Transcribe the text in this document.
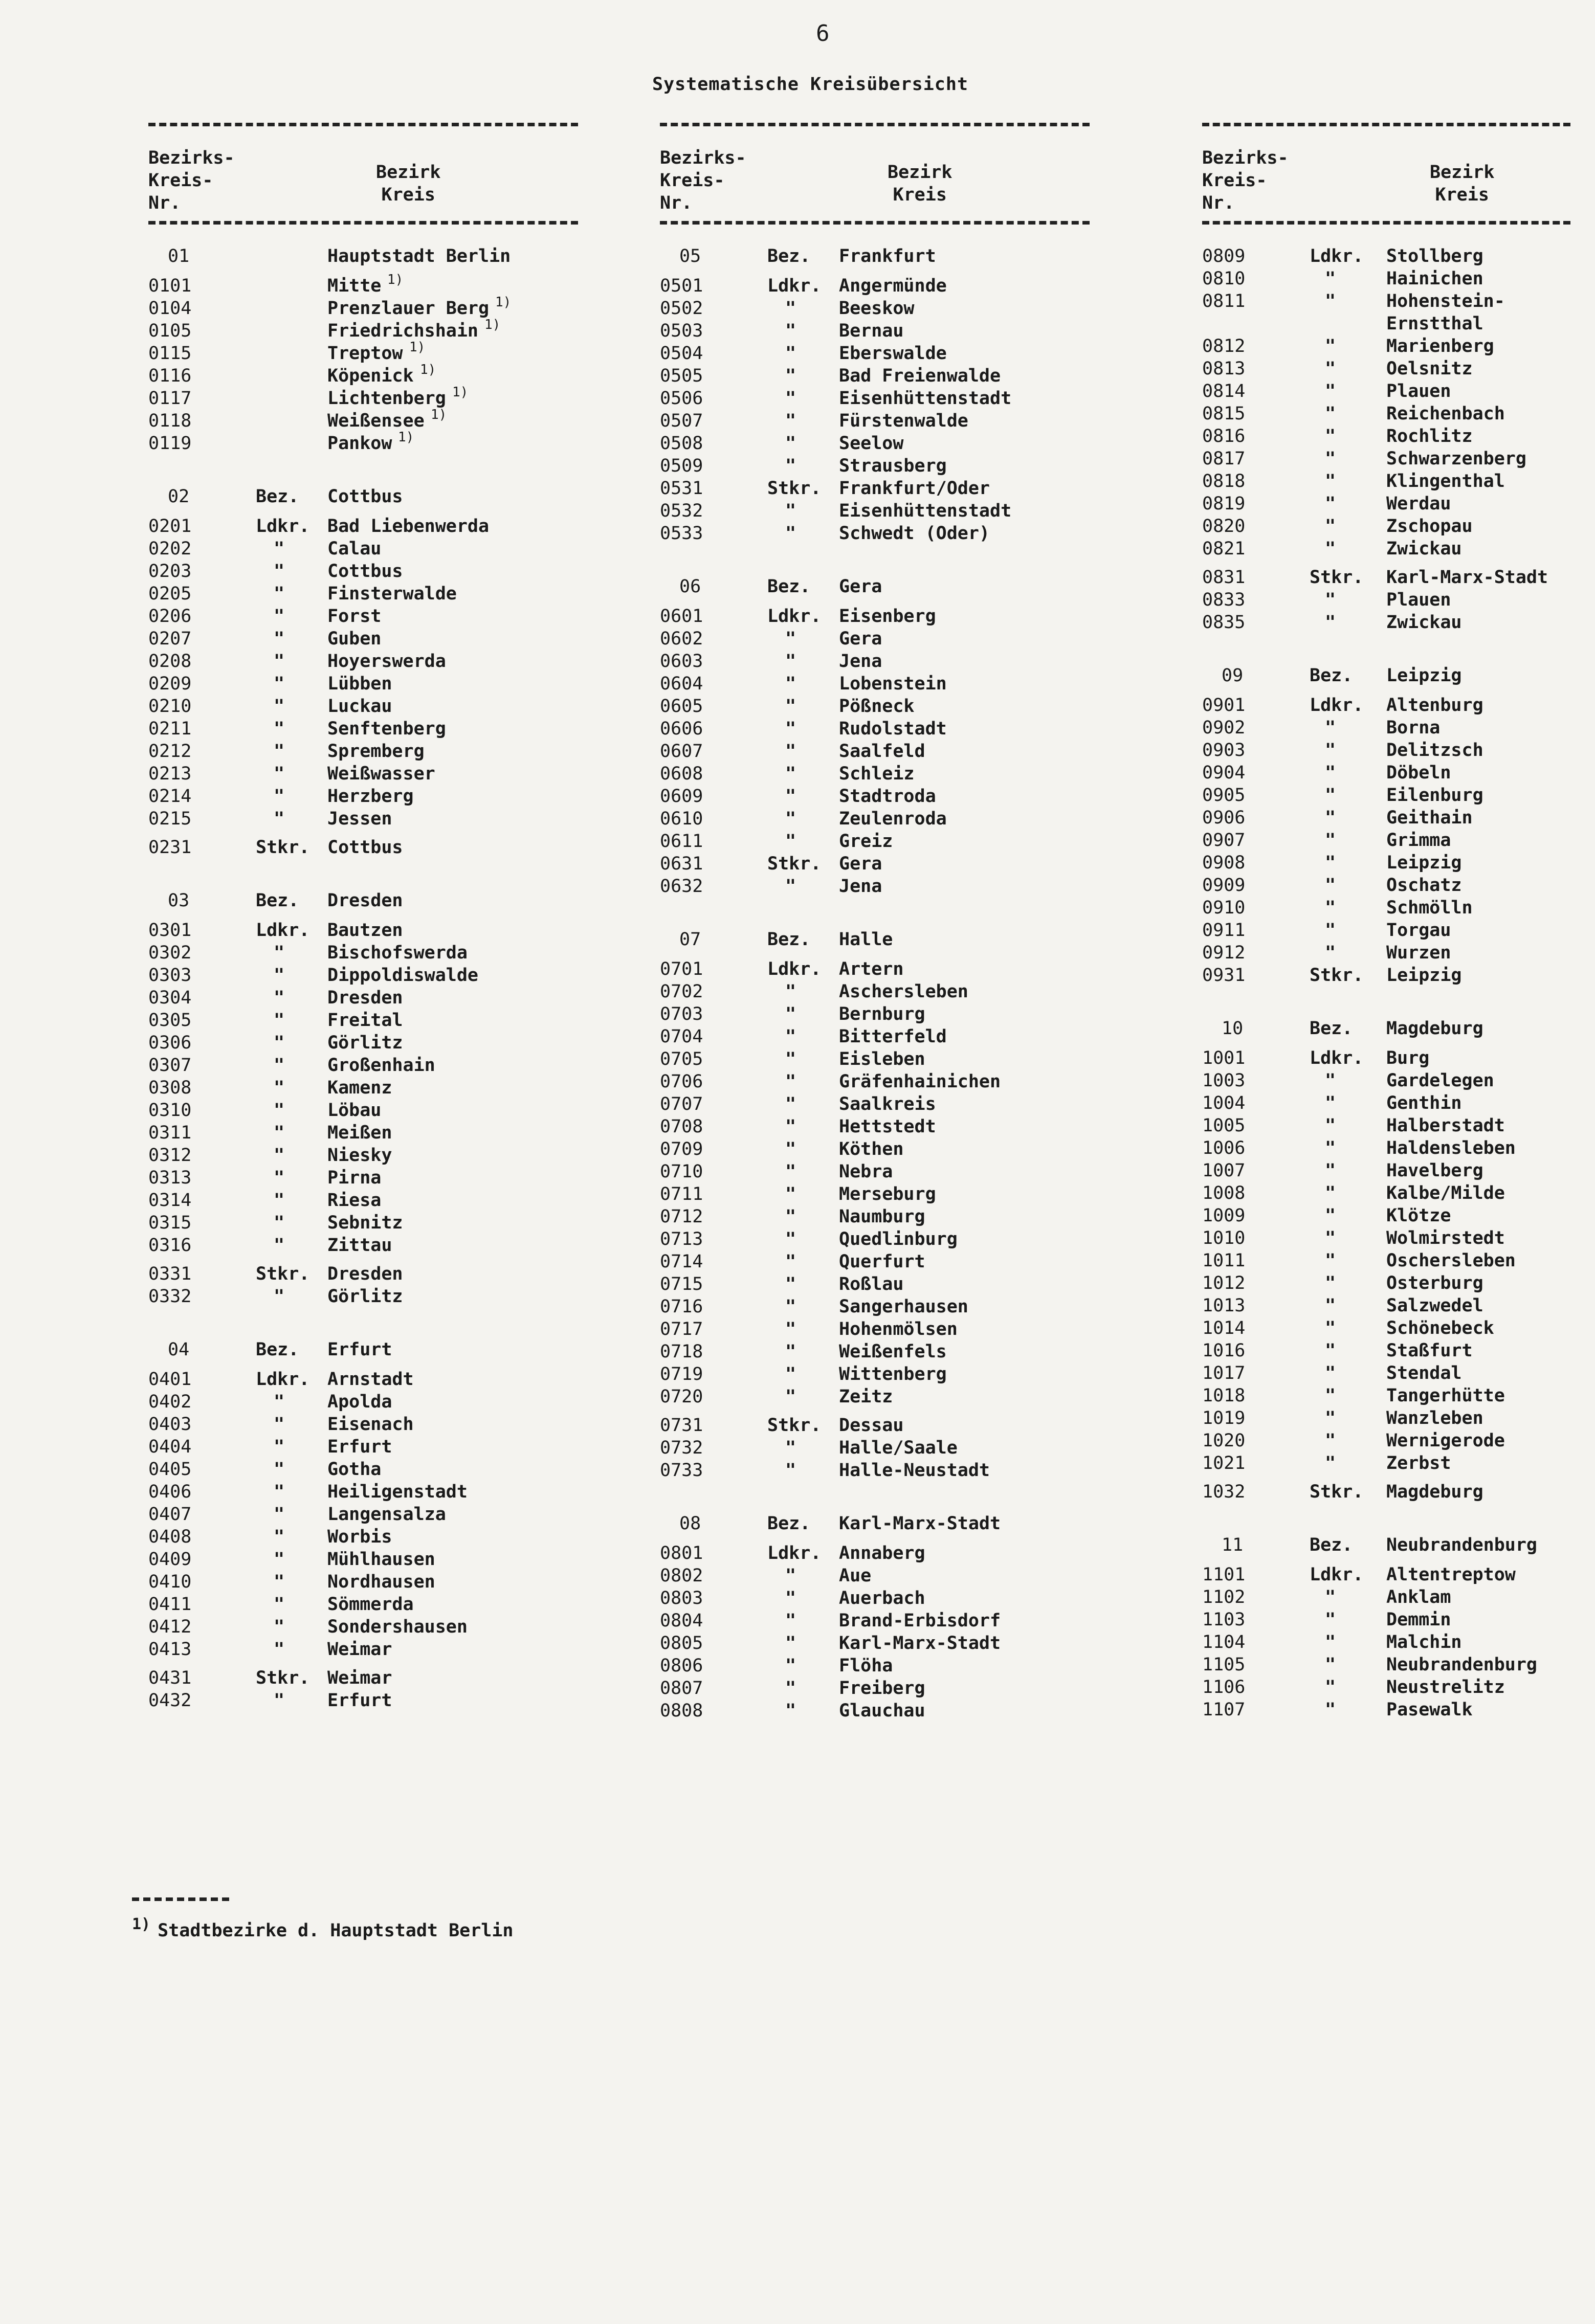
6
Systematische Kreisübersicht
Bezirks-
Kreis-
Nr.
Bezirk
Kreis
01	Hauptstadt Berlin
0101	Mitte 1)
0104	Prenzlauer Berg 1)
0105	Friedrichshain 1)
0115	Treptow 1)
0116	Köpenick 1)
0117	Lichtenberg 1)
0118	Weißensee 1)
0119	Pankow 1)
02	Bez. Cottbus
0201	Ldkr. Bad Liebenwerda
0202	" Calau
0203	" Cottbus
0205	" Finsterwalde
0206	" Forst
0207	" Guben
0208	" Hoyerswerda
0209	" Lübben
0210	" Luckau
0211	" Senftenberg
0212	" Spremberg
0213	" Weißwasser
0214	" Herzberg
0215	" Jessen
0231	Stkr. Cottbus
03	Bez. Dresden
0301	Ldkr. Bautzen
0302	" Bischofswerda
0303	" Dippoldiswalde
0304	" Dresden
0305	" Freital
0306	" Görlitz
0307	" Großenhain
0308	" Kamenz
0310	" Löbau
0311	" Meißen
0312	" Niesky
0313	" Pirna
0314	" Riesa
0315	" Sebnitz
0316	" Zittau
0331	Stkr. Dresden
0332	" Görlitz
04	Bez. Erfurt
0401	Ldkr. Arnstadt
0402	" Apolda
0403	" Eisenach
0404	" Erfurt
0405	" Gotha
0406	" Heiligenstadt
0407	" Langensalza
0408	" Worbis
0409	" Mühlhausen
0410	" Nordhausen
0411	" Sömmerda
0412	" Sondershausen
0413	" Weimar
0431	Stkr. Weimar
0432	" Erfurt
Bezirks-
Kreis-
Nr.
Bezirk
Kreis
05	Bez. Frankfurt
0501	Ldkr. Angermünde
0502	" Beeskow
0503	" Bernau
0504	" Eberswalde
0505	" Bad Freienwalde
0506	" Eisenhüttenstadt
0507	" Fürstenwalde
0508	" Seelow
0509	" Strausberg
0531	Stkr. Frankfurt/Oder
0532	" Eisenhüttenstadt
0533	" Schwedt (Oder)
06	Bez. Gera
0601	Ldkr. Eisenberg
0602	" Gera
0603	" Jena
0604	" Lobenstein
0605	" Pößneck
0606	" Rudolstadt
0607	" Saalfeld
0608	" Schleiz
0609	" Stadtroda
0610	" Zeulenroda
0611	" Greiz
0631	Stkr. Gera
0632	" Jena
07	Bez. Halle
0701	Ldkr. Artern
0702	" Aschersleben
0703	" Bernburg
0704	" Bitterfeld
0705	" Eisleben
0706	" Gräfenhainichen
0707	" Saalkreis
0708	" Hettstedt
0709	" Köthen
0710	" Nebra
0711	" Merseburg
0712	" Naumburg
0713	" Quedlinburg
0714	" Querfurt
0715	" Roßlau
0716	" Sangerhausen
0717	" Hohenmölsen
0718	" Weißenfels
0719	" Wittenberg
0720	" Zeitz
0731	Stkr. Dessau
0732	" Halle/Saale
0733	" Halle-Neustadt
08	Bez. Karl-Marx-Stadt
0801	Ldkr. Annaberg
0802	" Aue
0803	" Auerbach
0804	" Brand-Erbisdorf
0805	" Karl-Marx-Stadt
0806	" Flöha
0807	" Freiberg
0808	" Glauchau
Bezirks-
Kreis-
Nr.
Bezirk
Kreis
0809	Ldkr. Stollberg
0810	"	Hainichen
0811	"	Hohenstein-
Ernstthal
0812	"	Marienberg
0813	"	Oelsnitz
0814	"	Plauen
0815	"	Reichenbach
0816	"	Rochlitz
0817	"	Schwarzenberg
0818	"	Klingenthal
0819	"	Werdau
0820	"	Zschopau
0821	"	Zwickau
0831	Stkr. Karl-Marx-Stadt
0833	"	Plauen
0835	"	Zwickau
09	Bez. Leipzig
0901	Ldkr. Altenburg
0902	"	Borna
0903	"	Delitzsch
0904	"	Döbeln
0905	"	Eilenburg
0906	"	Geithain
0907	"	Grimma
0908	"	Leipzig
0909	"	Oschatz
0910	"	Schmölln
0911	"	Torgau
0912	"	Wurzen
0931	Stkr. Leipzig
10	Bez. Magdeburg
1001	Ldkr. Burg
1003	"	Gardelegen
1004	"	Genthin
1005	"	Halberstadt
1006	"	Haldensleben
1007	"	Havelberg
1008	"	Kalbe/Milde
1009	"	Klötze
1010	"	Wolmirstedt
1011	"	Oschersleben
1012	"	Osterburg
1013	"	Salzwedel
1014	"	Schönebeck
1016	"	Staßfurt
1017	"	Stendal
1018	"	Tangerhütte
1019	"	Wanzleben
1020	"	Wernigerode
1021	"	Zerbst
1032	Stkr. Magdeburg
11	Bez. Neubrandenburg
1101	Ldkr. Altentreptow
1102	"	Anklam
1103	"	Demmin
1104	"	Malchin
1105	"	Neubrandenburg
1106	"	Neustrelitz
1107	"	Pasewalk
1) Stadtbezirke d. Hauptstadt Berlin
